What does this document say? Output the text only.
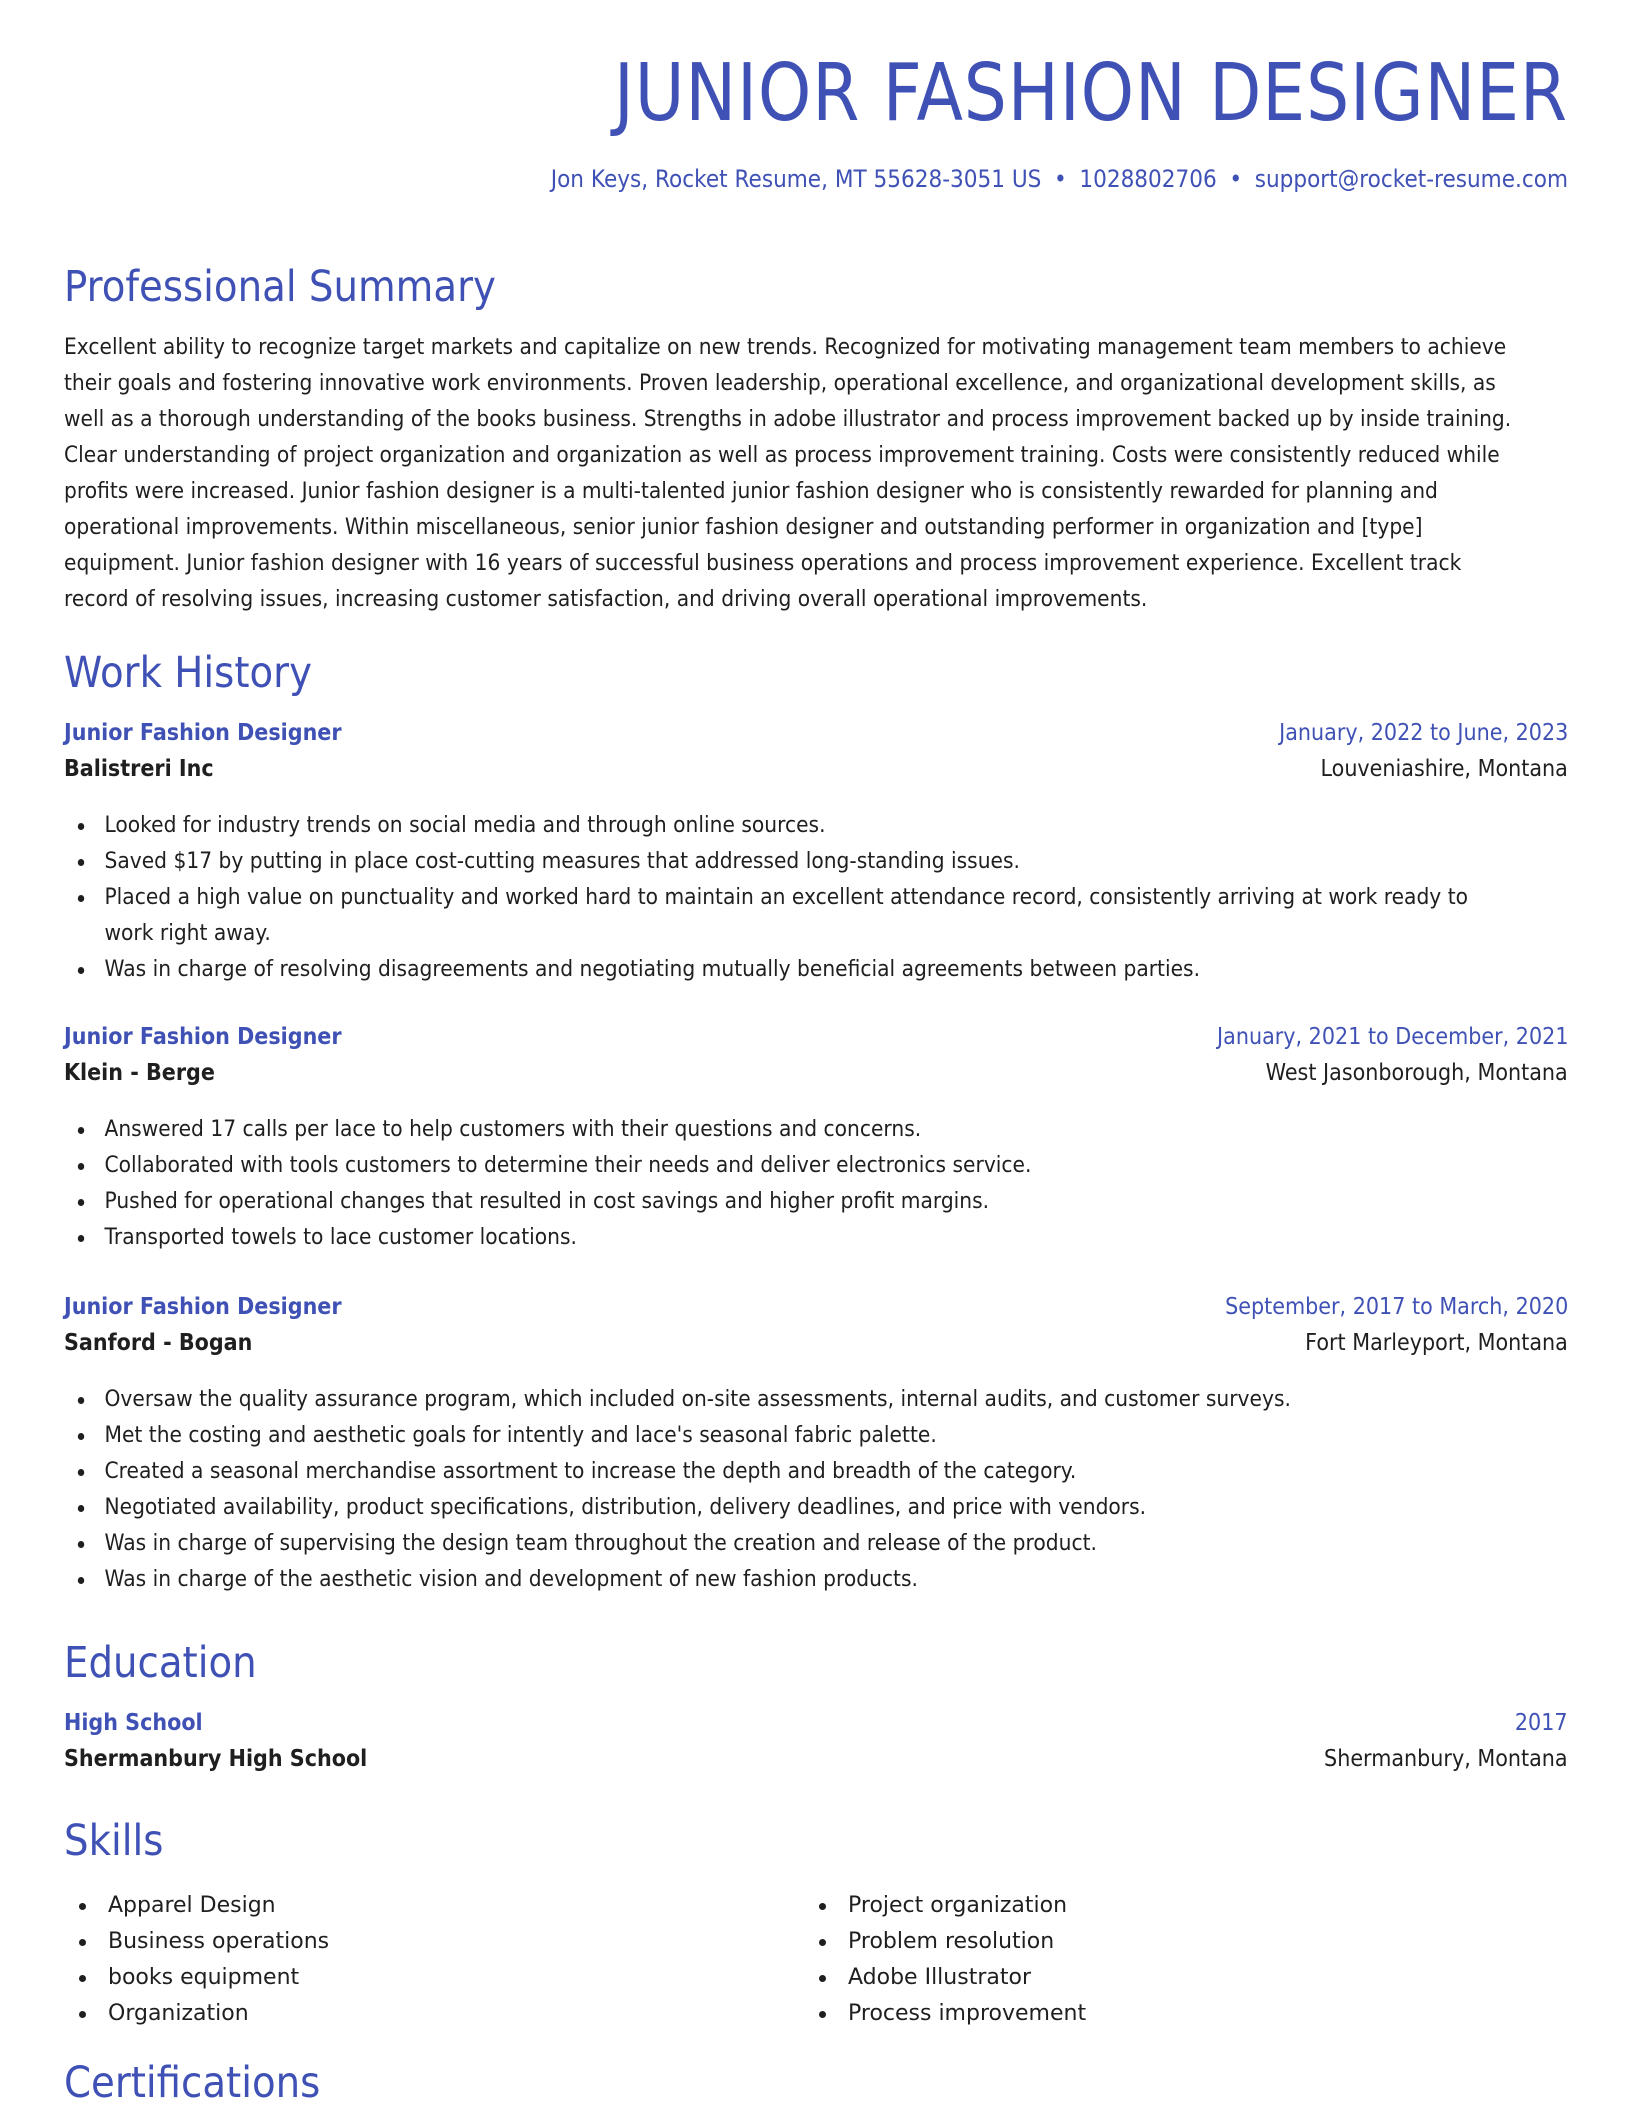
JUNIOR FASHION DESIGNER
Jon Keys, Rocket Resume, MT 55628-3051 US • 1028802706 • support@rocket-resume.com
Professional Summary

Excellent ability to recognize target markets and capitalize on new trends. Recognized for motivating management team members to achieve

their goals and fostering innovative work environments. Proven leadership, operational excellence, and organizational development skills, as

well as a thorough understanding of the books business. Strengths in adobe illustrator and process improvement backed up by inside training.

Clear understanding of project organization and organization as well as process improvement training. Costs were consistently reduced while

profits were increased. Junior fashion designer is a multi-talented junior fashion designer who is consistently rewarded for planning and

operational improvements. Within miscellaneous, senior junior fashion designer and outstanding performer in organization and [type]

equipment. Junior fashion designer with 16 years of successful business operations and process improvement experience. Excellent track

record of resolving issues, increasing customer satisfaction, and driving overall operational improvements.

Work History
Junior Fashion Designer	January, 2022 to June, 2023
Balistreri Inc	Louveniashire, Montana
Looked for industry trends on social media and through online sources.
Saved $17 by putting in place cost-cutting measures that addressed long-standing issues.
Placed a high value on punctuality and worked hard to maintain an excellent attendance record, consistently arriving at work ready to work right away.
Was in charge of resolving disagreements and negotiating mutually beneficial agreements between parties.
Junior Fashion Designer	January, 2021 to December, 2021
Klein - Berge	West Jasonborough, Montana
Answered 17 calls per lace to help customers with their questions and concerns.
Collaborated with tools customers to determine their needs and deliver electronics service.
Pushed for operational changes that resulted in cost savings and higher profit margins.
Transported towels to lace customer locations.
Junior Fashion Designer	September, 2017 to March, 2020
Sanford - Bogan	Fort Marleyport, Montana
Oversaw the quality assurance program, which included on-site assessments, internal audits, and customer surveys.
Met the costing and aesthetic goals for intently and lace's seasonal fabric palette.
Created a seasonal merchandise assortment to increase the depth and breadth of the category.
Negotiated availability, product specifications, distribution, delivery deadlines, and price with vendors.
Was in charge of supervising the design team throughout the creation and release of the product.
Was in charge of the aesthetic vision and development of new fashion products.
Education
High School	2017
Shermanbury High School	Shermanbury, Montana
Skills
Apparel Design
Business operations
books equipment
Organization
Project organization
Problem resolution
Adobe Illustrator
Process improvement
Certifications
